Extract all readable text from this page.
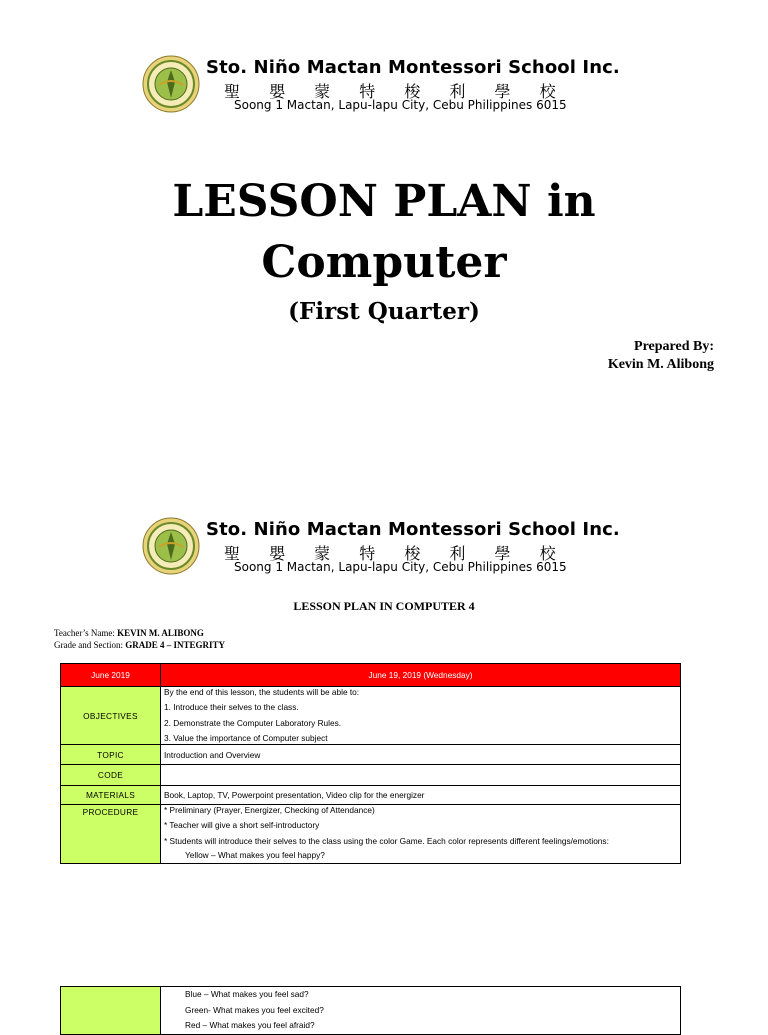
Sto. Niño Mactan Montessori School Inc.
聖 嬰 蒙 特 梭 利 學 校
Soong 1 Mactan, Lapu-lapu City, Cebu Philippines 6015
LESSON PLAN in
Computer
(First Quarter)
Prepared By:
Kevin M. Alibong
Sto. Niño Mactan Montessori School Inc.
聖 嬰 蒙 特 梭 利 學 校
Soong 1 Mactan, Lapu-lapu City, Cebu Philippines 6015
LESSON PLAN IN COMPUTER 4
Teacher’s Name: KEVIN M. ALIBONG
Grade and Section: GRADE 4 – INTEGRITY
June 2019	June 19, 2019 (Wednesday)
OBJECTIVES	By the end of this lesson, the students will be able to:
1. Introduce their selves to the class.
2. Demonstrate the Computer Laboratory Rules.
3. Value the importance of Computer subject

TOPIC	Introduction and Overview
CODE	
MATERIALS	Book, Laptop, TV, Powerpoint presentation, Video clip for the energizer
PROCEDURE	* Preliminary (Prayer, Energizer, Checking of Attendance)
* Teacher will give a short self-introductory
* Students will introduce their selves to the class using the color Game. Each color represents different feelings/emotions:
Yellow – What makes you feel happy?

Blue – What makes you feel sad?
Green- What makes you feel excited?
Red – What makes you feel afraid?
